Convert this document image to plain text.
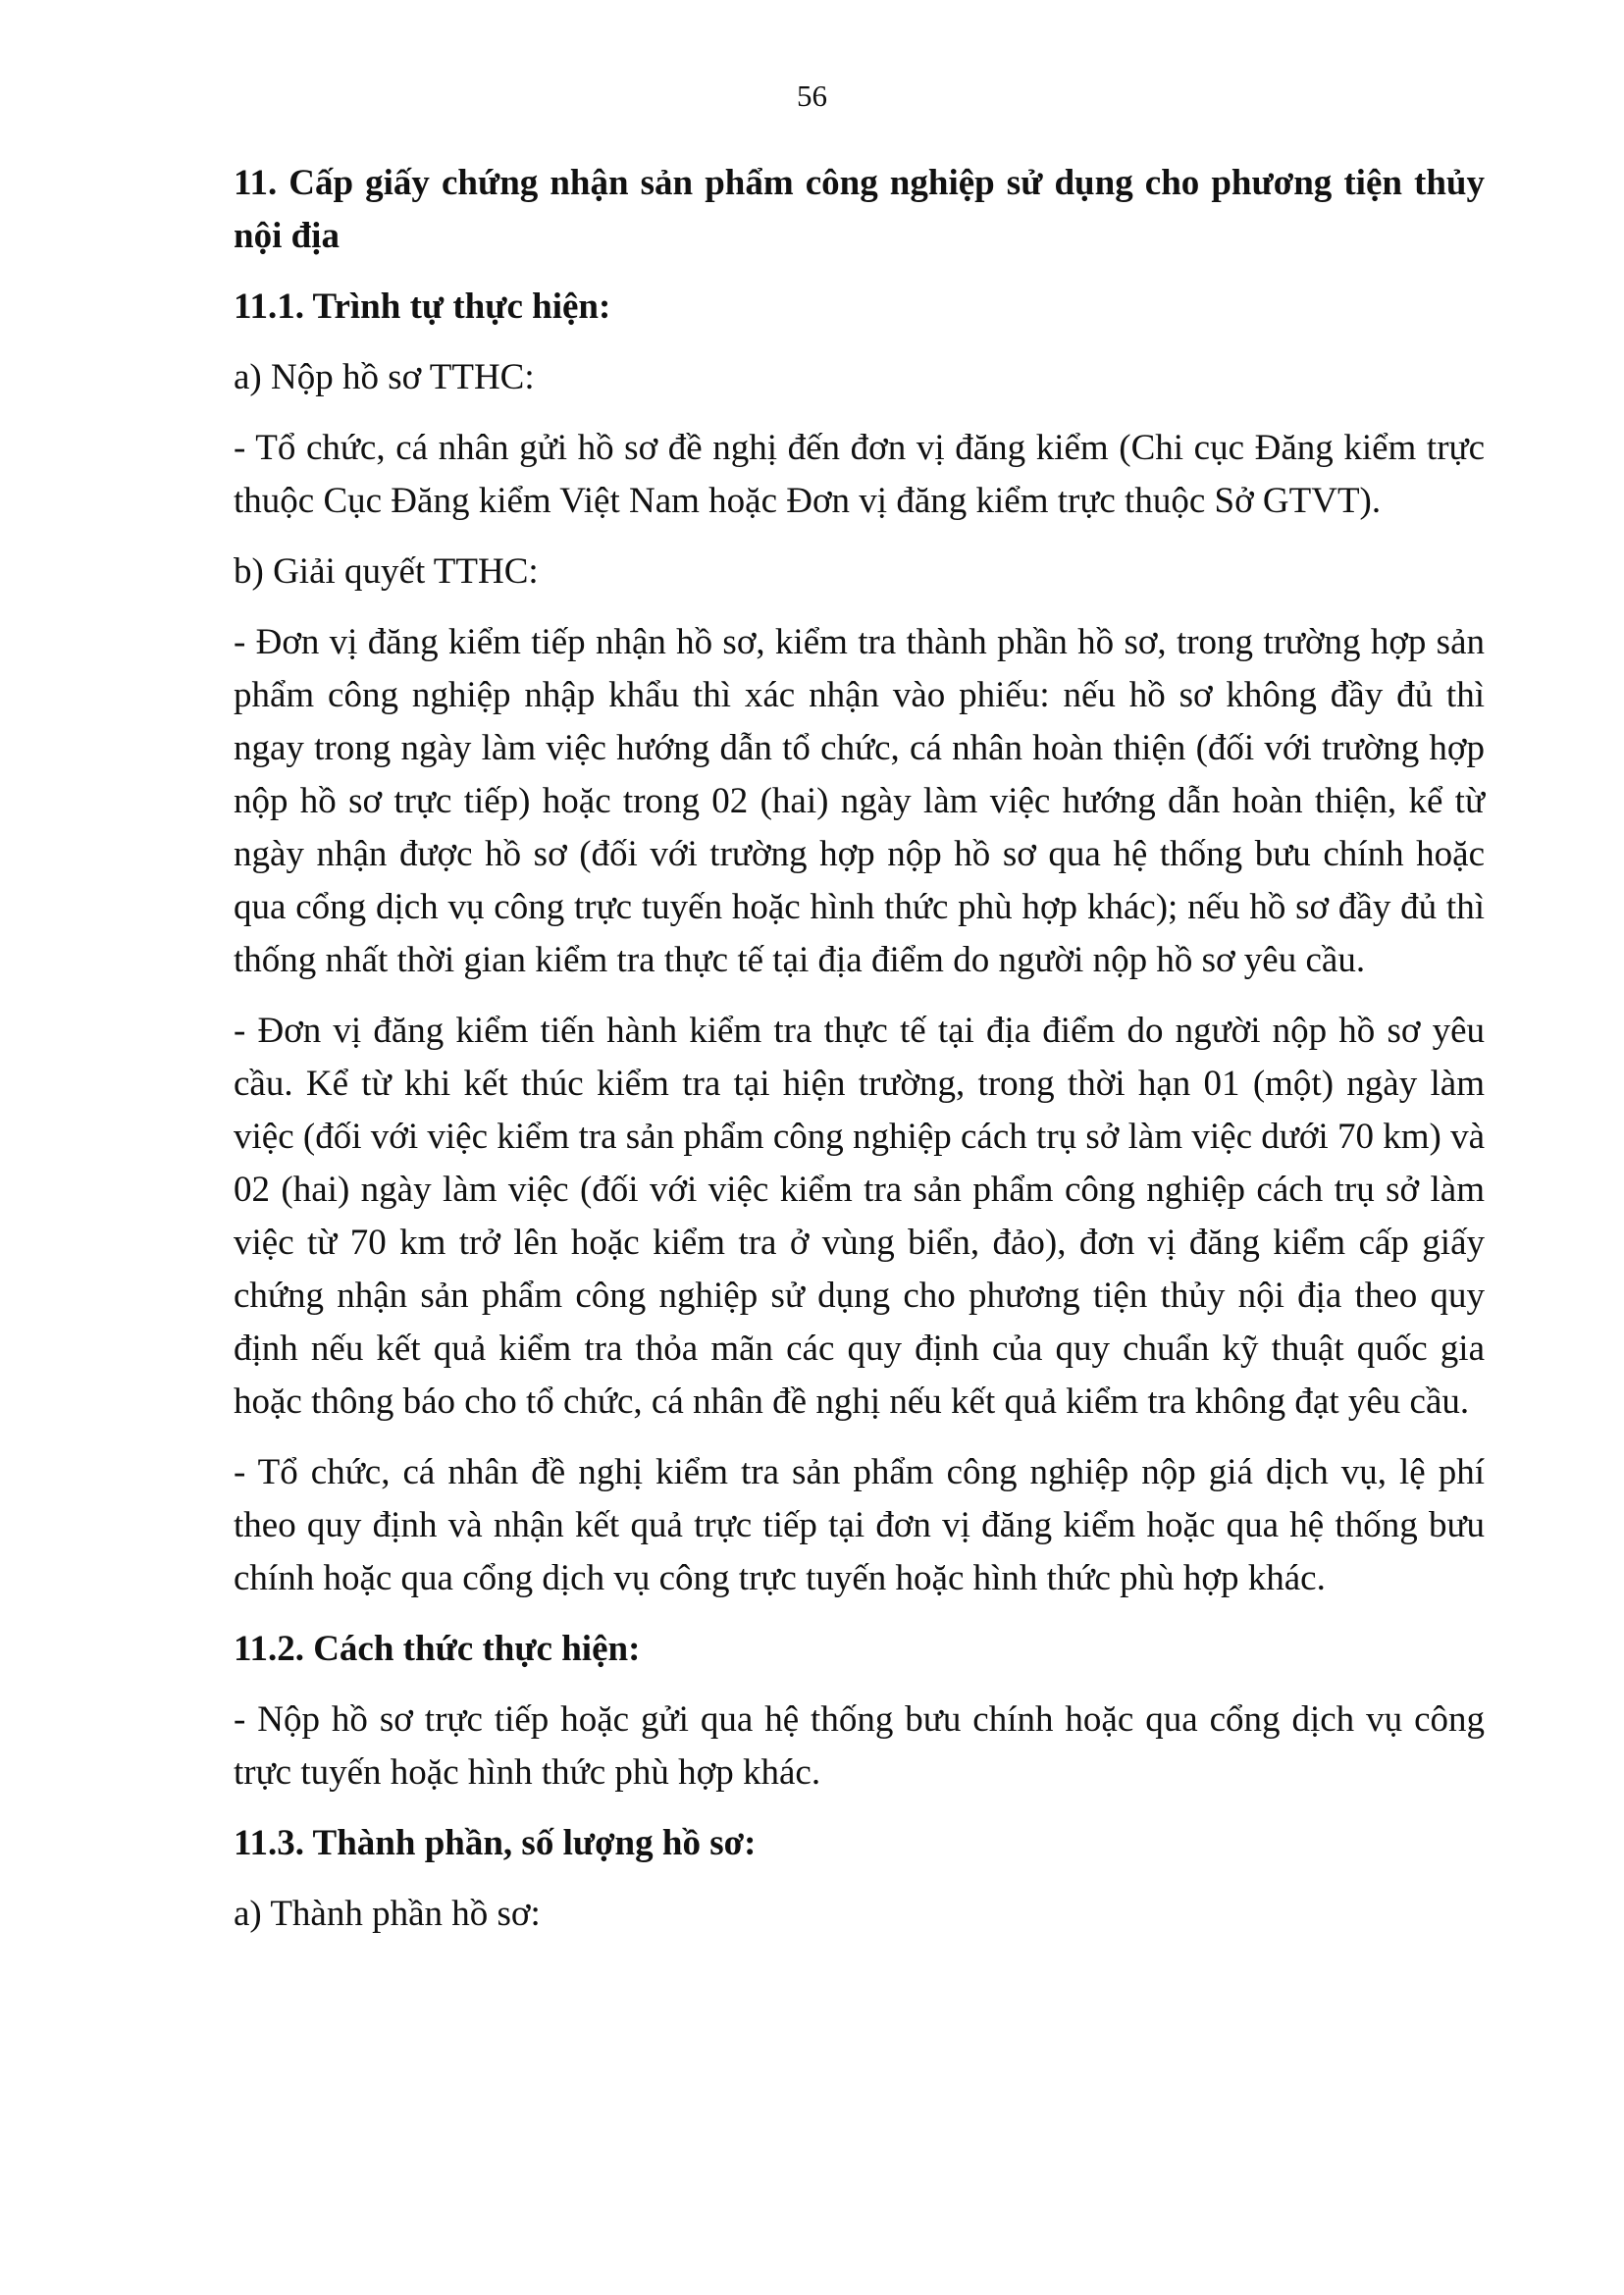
56

11. Cấp giấy chứng nhận sản phẩm công nghiệp sử dụng cho phương tiện thủy nội địa

11.1. Trình tự thực hiện:

a) Nộp hồ sơ TTHC:

- Tổ chức, cá nhân gửi hồ sơ đề nghị đến đơn vị đăng kiểm (Chi cục Đăng kiểm trực thuộc Cục Đăng kiểm Việt Nam hoặc Đơn vị đăng kiểm trực thuộc Sở GTVT).

b) Giải quyết TTHC:

- Đơn vị đăng kiểm tiếp nhận hồ sơ, kiểm tra thành phần hồ sơ, trong trường hợp sản phẩm công nghiệp nhập khẩu thì xác nhận vào phiếu: nếu hồ sơ không đầy đủ thì ngay trong ngày làm việc hướng dẫn tổ chức, cá nhân hoàn thiện (đối với trường hợp nộp hồ sơ trực tiếp) hoặc trong 02 (hai) ngày làm việc hướng dẫn hoàn thiện, kể từ ngày nhận được hồ sơ (đối với trường hợp nộp hồ sơ qua hệ thống bưu chính hoặc qua cổng dịch vụ công trực tuyến hoặc hình thức phù hợp khác); nếu hồ sơ đầy đủ thì thống nhất thời gian kiểm tra thực tế tại địa điểm do người nộp hồ sơ yêu cầu.

- Đơn vị đăng kiểm tiến hành kiểm tra thực tế tại địa điểm do người nộp hồ sơ yêu cầu. Kể từ khi kết thúc kiểm tra tại hiện trường, trong thời hạn 01 (một) ngày làm việc (đối với việc kiểm tra sản phẩm công nghiệp cách trụ sở làm việc dưới 70 km) và 02 (hai) ngày làm việc (đối với việc kiểm tra sản phẩm công nghiệp cách trụ sở làm việc từ 70 km trở lên hoặc kiểm tra ở vùng biển, đảo), đơn vị đăng kiểm cấp giấy chứng nhận sản phẩm công nghiệp sử dụng cho phương tiện thủy nội địa theo quy định nếu kết quả kiểm tra thỏa mãn các quy định của quy chuẩn kỹ thuật quốc gia hoặc thông báo cho tổ chức, cá nhân đề nghị nếu kết quả kiểm tra không đạt yêu cầu.

- Tổ chức, cá nhân đề nghị kiểm tra sản phẩm công nghiệp nộp giá dịch vụ, lệ phí theo quy định và nhận kết quả trực tiếp tại đơn vị đăng kiểm hoặc qua hệ thống bưu chính hoặc qua cổng dịch vụ công trực tuyến hoặc hình thức phù hợp khác.

11.2. Cách thức thực hiện:

- Nộp hồ sơ trực tiếp hoặc gửi qua hệ thống bưu chính hoặc qua cổng dịch vụ công trực tuyến hoặc hình thức phù hợp khác.

11.3. Thành phần, số lượng hồ sơ:

a) Thành phần hồ sơ:
